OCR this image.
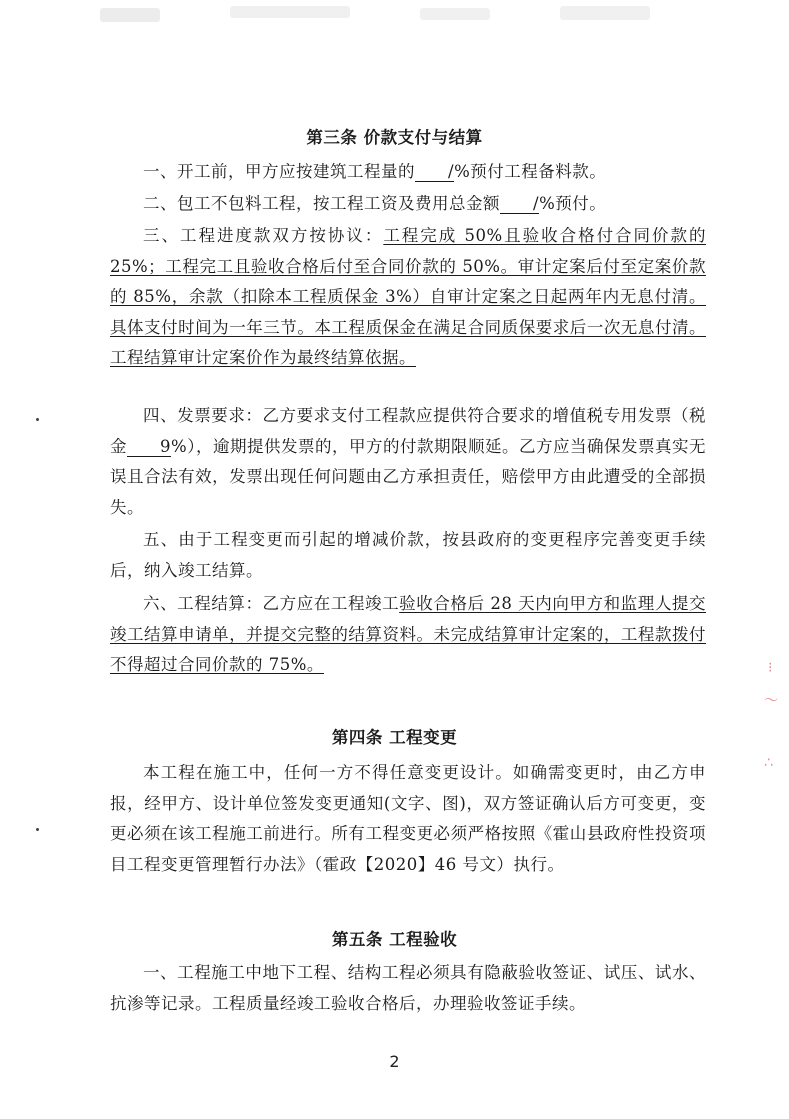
⁝
～
∴
第三条 价款支付与结算

一、开工前，甲方应按建筑工程量的 /%预付工程备料款。

二、包工不包料工程，按工程工资及费用总金额 /%预付。

三、工程进度款双方按协议：工程完成 50%且验收合格付合同价款的 25%；工程完工且验收合格后付至合同价款的 50%。审计定案后付至定案价款的 85%，余款（扣除本工程质保金 3%）自审计定案之日起两年内无息付清。具体支付时间为一年三节。本工程质保金在满足合同质保要求后一次无息付清。工程结算审计定案价作为最终结算依据。

四、发票要求：乙方要求支付工程款应提供符合要求的增值税专用发票（税金 9%），逾期提供发票的，甲方的付款期限顺延。乙方应当确保发票真实无误且合法有效，发票出现任何问题由乙方承担责任，赔偿甲方由此遭受的全部损失。

五、由于工程变更而引起的增减价款，按县政府的变更程序完善变更手续后，纳入竣工结算。

六、工程结算：乙方应在工程竣工验收合格后 28 天内向甲方和监理人提交竣工结算申请单，并提交完整的结算资料。未完成结算审计定案的，工程款拨付不得超过合同价款的 75%。

第四条 工程变更

本工程在施工中，任何一方不得任意变更设计。如确需变更时，由乙方申报，经甲方、设计单位签发变更通知(文字、图)，双方签证确认后方可变更，变更必须在该工程施工前进行。所有工程变更必须严格按照《霍山县政府性投资项目工程变更管理暂行办法》（霍政【2020】46 号文）执行。

第五条 工程验收

一、工程施工中地下工程、结构工程必须具有隐蔽验收签证、试压、试水、抗渗等记录。工程质量经竣工验收合格后，办理验收签证手续。

2
